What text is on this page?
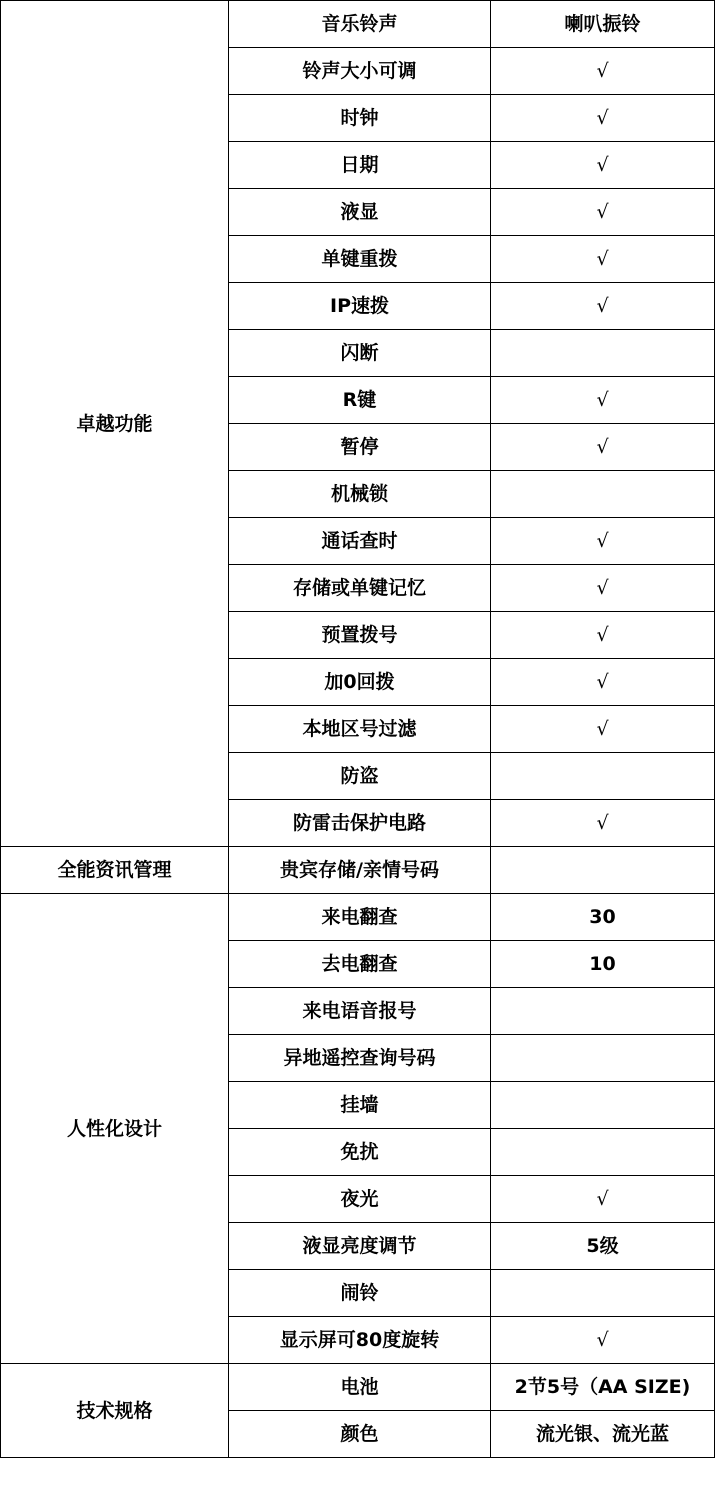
卓越功能	音乐铃声	喇叭振铃
	铃声大小可调	√
	时钟	√
	日期	√
	液显	√
	单键重拨	√
	IP速拨	√
	闪断	
	R键	√
	暂停	√
	机械锁	
	通话查时	√
	存储或单键记忆	√
	预置拨号	√
	加0回拨	√
	本地区号过滤	√
	防盗	
	防雷击保护电路	√
全能资讯管理	贵宾存储/亲情号码	
人性化设计	来电翻查	30
	去电翻查	10
	来电语音报号	
	异地遥控查询号码	
	挂墙	
	免扰	
	夜光	√
	液显亮度调节	5级
	闹铃	
	显示屏可80度旋转	√
技术规格	电池	2节5号（AA SIZE)
	颜色	流光银、流光蓝
